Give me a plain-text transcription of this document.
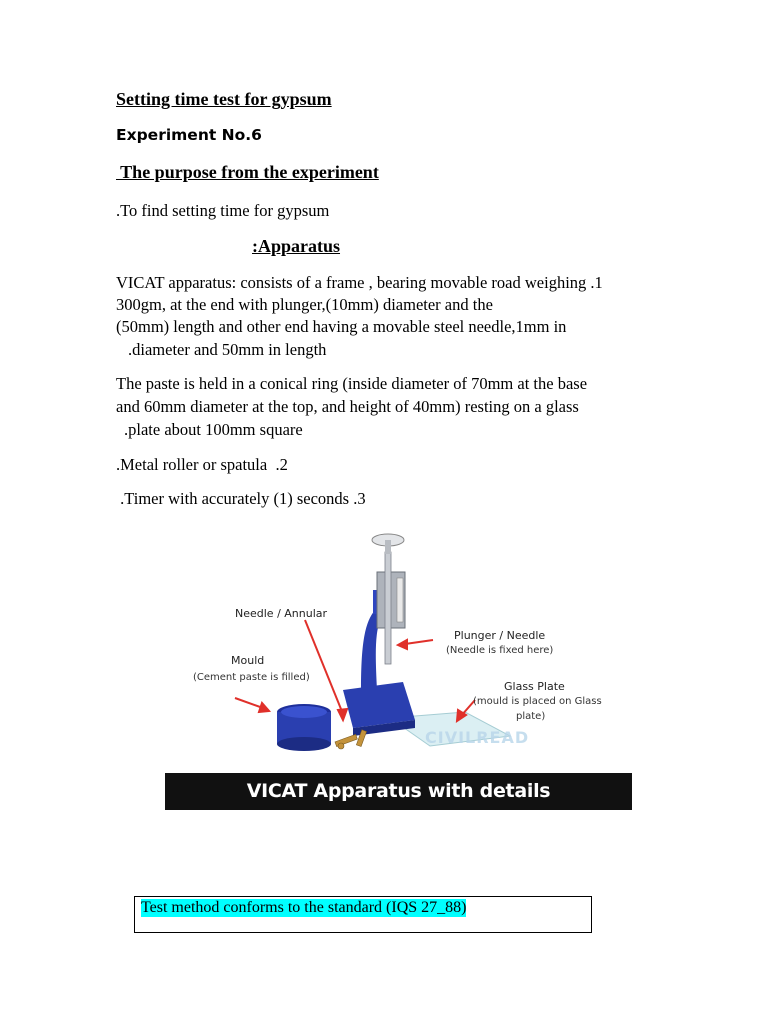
Setting time test for gypsum
Experiment No.6
The purpose from the experiment
.To find setting time for gypsum
:Apparatus
VICAT apparatus: consists of a frame , bearing movable road weighing .1
300gm, at the end with plunger,(10mm) diameter and the
(50mm) length and other end having a movable steel needle,1mm in
.diameter and 50mm in length
The paste is held in a conical ring (inside diameter of 70mm at the base
and 60mm diameter at the top, and height of 40mm) resting on a glass
.plate about 100mm square
.Metal roller or spatula  .2
.Timer with accurately (1) seconds .3
Needle / Annular
Plunger / Needle
(Needle is fixed here)
Mould
(Cement paste is filled)
Glass Plate
(mould is placed on Glass
plate)
CIVILREAD
VICAT Apparatus with details
Test method conforms to the standard (IQS 27_88)
